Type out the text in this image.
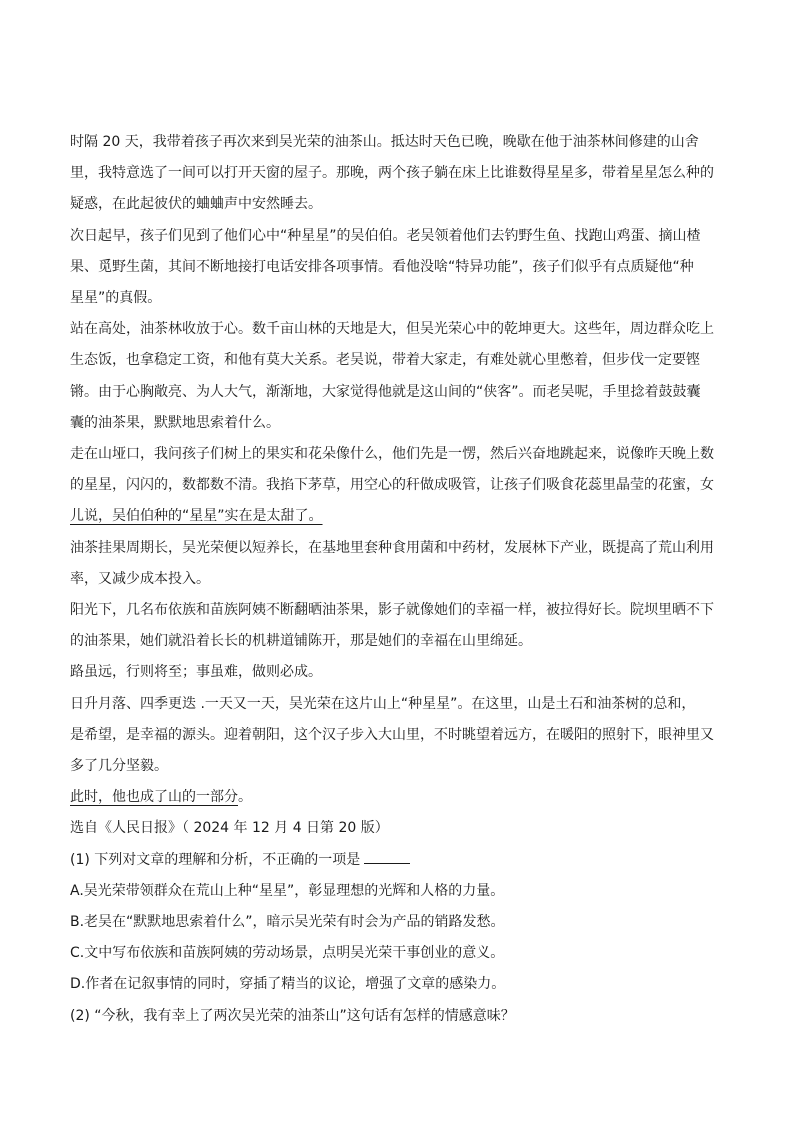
时隔 20 天，我带着孩子再次来到吴光荣的油茶山。抵达时天色已晚，晚歇在他于油茶林间修建的山舍

里，我特意选了一间可以打开天窗的屋子。那晚，两个孩子躺在床上比谁数得星星多，带着星星怎么种的

疑惑，在此起彼伏的蛐蛐声中安然睡去。

次日起早，孩子们见到了他们心中“种星星”的吴伯伯。老吴领着他们去钓野生鱼、找跑山鸡蛋、摘山楂

果、觅野生菌，其间不断地接打电话安排各项事情。看他没啥“特异功能”，孩子们似乎有点质疑他“种

星星”的真假。

站在高处，油茶林收放于心。数千亩山林的天地是大，但吴光荣心中的乾坤更大。这些年，周边群众吃上

生态饭，也拿稳定工资，和他有莫大关系。老吴说，带着大家走，有难处就心里憋着，但步伐一定要铿

锵。由于心胸敞亮、为人大气，渐渐地，大家觉得他就是这山间的“侠客”。而老吴呢，手里捻着鼓鼓囊

囊的油茶果，默默地思索着什么。

走在山垭口，我问孩子们树上的果实和花朵像什么，他们先是一愣，然后兴奋地跳起来，说像昨天晚上数

的星星，闪闪的，数都数不清。我掐下茅草，用空心的秆做成吸管，让孩子们吸食花蕊里晶莹的花蜜，女

儿说，吴伯伯种的“星星”实在是太甜了。

油茶挂果周期长，吴光荣便以短养长，在基地里套种食用菌和中药材，发展林下产业，既提高了荒山利用

率，又减少成本投入。

阳光下，几名布依族和苗族阿姨不断翻晒油茶果，影子就像她们的幸福一样，被拉得好长。院坝里晒不下

的油茶果，她们就沿着长长的机耕道铺陈开，那是她们的幸福在山里绵延。

路虽远，行则将至；事虽难，做则必成。

日升月落、四季更迭 .一天又一天，吴光荣在这片山上“种星星”。在这里，山是土石和油茶树的总和，

是希望，是幸福的源头。迎着朝阳，这个汉子步入大山里，不时眺望着远方，在暖阳的照射下，眼神里又

多了几分坚毅。

此时，他也成了山的一部分。

选自《人民日报》（ 2024 年 12 月 4 日第 20 版）

(1) 下列对文章的理解和分析，不正确的一项是

A.吴光荣带领群众在荒山上种“星星”，彰显理想的光辉和人格的力量。

B.老吴在“默默地思索着什么”，暗示吴光荣有时会为产品的销路发愁。

C.文中写布依族和苗族阿姨的劳动场景，点明吴光荣干事创业的意义。

D.作者在记叙事情的同时，穿插了精当的议论，增强了文章的感染力。

(2) “今秋，我有幸上了两次吴光荣的油茶山”这句话有怎样的情感意味？
